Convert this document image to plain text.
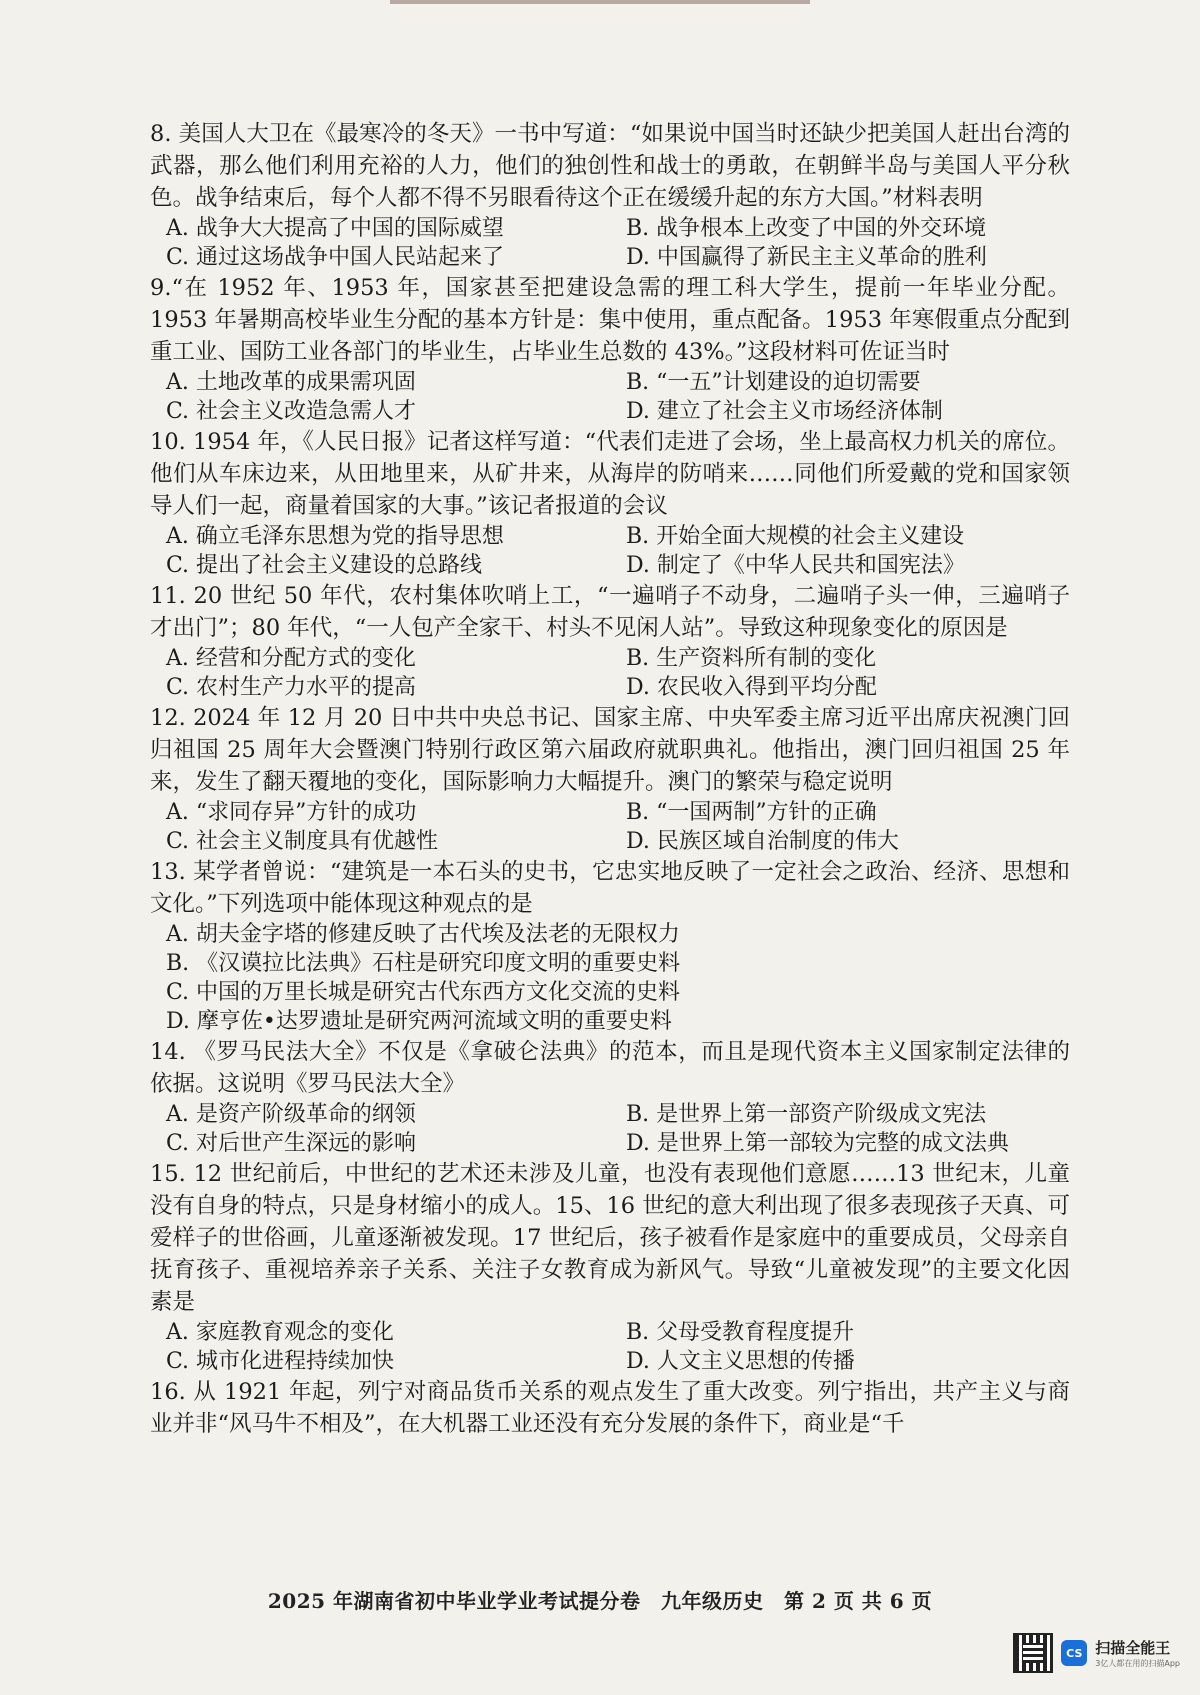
8. 美国人大卫在《最寒冷的冬天》一书中写道：“如果说中国当时还缺少把美国人赶出台湾的武器，那么他们利用充裕的人力，他们的独创性和战士的勇敢，在朝鲜半岛与美国人平分秋色。战争结束后，每个人都不得不另眼看待这个正在缓缓升起的东方大国。”材料表明

A. 战争大大提高了中国的国际威望	B. 战争根本上改变了中国的外交环境
C. 通过这场战争中国人民站起来了	D. 中国赢得了新民主主义革命的胜利

9.“在 1952 年、1953 年，国家甚至把建设急需的理工科大学生，提前一年毕业分配。1953 年暑期高校毕业生分配的基本方针是：集中使用，重点配备。1953 年寒假重点分配到重工业、国防工业各部门的毕业生，占毕业生总数的 43%。”这段材料可佐证当时

A. 土地改革的成果需巩固	B. “一五”计划建设的迫切需要
C. 社会主义改造急需人才	D. 建立了社会主义市场经济体制

10. 1954 年，《人民日报》记者这样写道：“代表们走进了会场，坐上最高权力机关的席位。他们从车床边来，从田地里来，从矿井来，从海岸的防哨来……同他们所爱戴的党和国家领导人们一起，商量着国家的大事。”该记者报道的会议

A. 确立毛泽东思想为党的指导思想	B. 开始全面大规模的社会主义建设
C. 提出了社会主义建设的总路线	D. 制定了《中华人民共和国宪法》

11. 20 世纪 50 年代，农村集体吹哨上工，“一遍哨子不动身，二遍哨子头一伸，三遍哨子才出门”；80 年代，“一人包产全家干、村头不见闲人站”。导致这种现象变化的原因是

A. 经营和分配方式的变化	B. 生产资料所有制的变化
C. 农村生产力水平的提高	D. 农民收入得到平均分配

12. 2024 年 12 月 20 日中共中央总书记、国家主席、中央军委主席习近平出席庆祝澳门回归祖国 25 周年大会暨澳门特别行政区第六届政府就职典礼。他指出，澳门回归祖国 25 年来，发生了翻天覆地的变化，国际影响力大幅提升。澳门的繁荣与稳定说明

A. “求同存异”方针的成功	B. “一国两制”方针的正确
C. 社会主义制度具有优越性	D. 民族区域自治制度的伟大

13. 某学者曾说：“建筑是一本石头的史书，它忠实地反映了一定社会之政治、经济、思想和文化。”下列选项中能体现这种观点的是

A. 胡夫金字塔的修建反映了古代埃及法老的无限权力
B. 《汉谟拉比法典》石柱是研究印度文明的重要史料
C. 中国的万里长城是研究古代东西方文化交流的史料
D. 摩亨佐•达罗遗址是研究两河流域文明的重要史料

14. 《罗马民法大全》不仅是《拿破仑法典》的范本，而且是现代资本主义国家制定法律的依据。这说明《罗马民法大全》

A. 是资产阶级革命的纲领	B. 是世界上第一部资产阶级成文宪法
C. 对后世产生深远的影响	D. 是世界上第一部较为完整的成文法典

15. 12 世纪前后，中世纪的艺术还未涉及儿童，也没有表现他们意愿……13 世纪末，儿童没有自身的特点，只是身材缩小的成人。15、16 世纪的意大利出现了很多表现孩子天真、可爱样子的世俗画，儿童逐渐被发现。17 世纪后，孩子被看作是家庭中的重要成员，父母亲自抚育孩子、重视培养亲子关系、关注子女教育成为新风气。导致“儿童被发现”的主要文化因素是

A. 家庭教育观念的变化	B. 父母受教育程度提升
C. 城市化进程持续加快	D. 人文主义思想的传播

16. 从 1921 年起，列宁对商品货币关系的观点发生了重大改变。列宁指出，共产主义与商业并非“风马牛不相及”，在大机器工业还没有充分发展的条件下，商业是“千

2025 年湖南省初中毕业学业考试提分卷　九年级历史　第 2 页 共 6 页
CS 扫描全能王
3亿人都在用的扫描App
